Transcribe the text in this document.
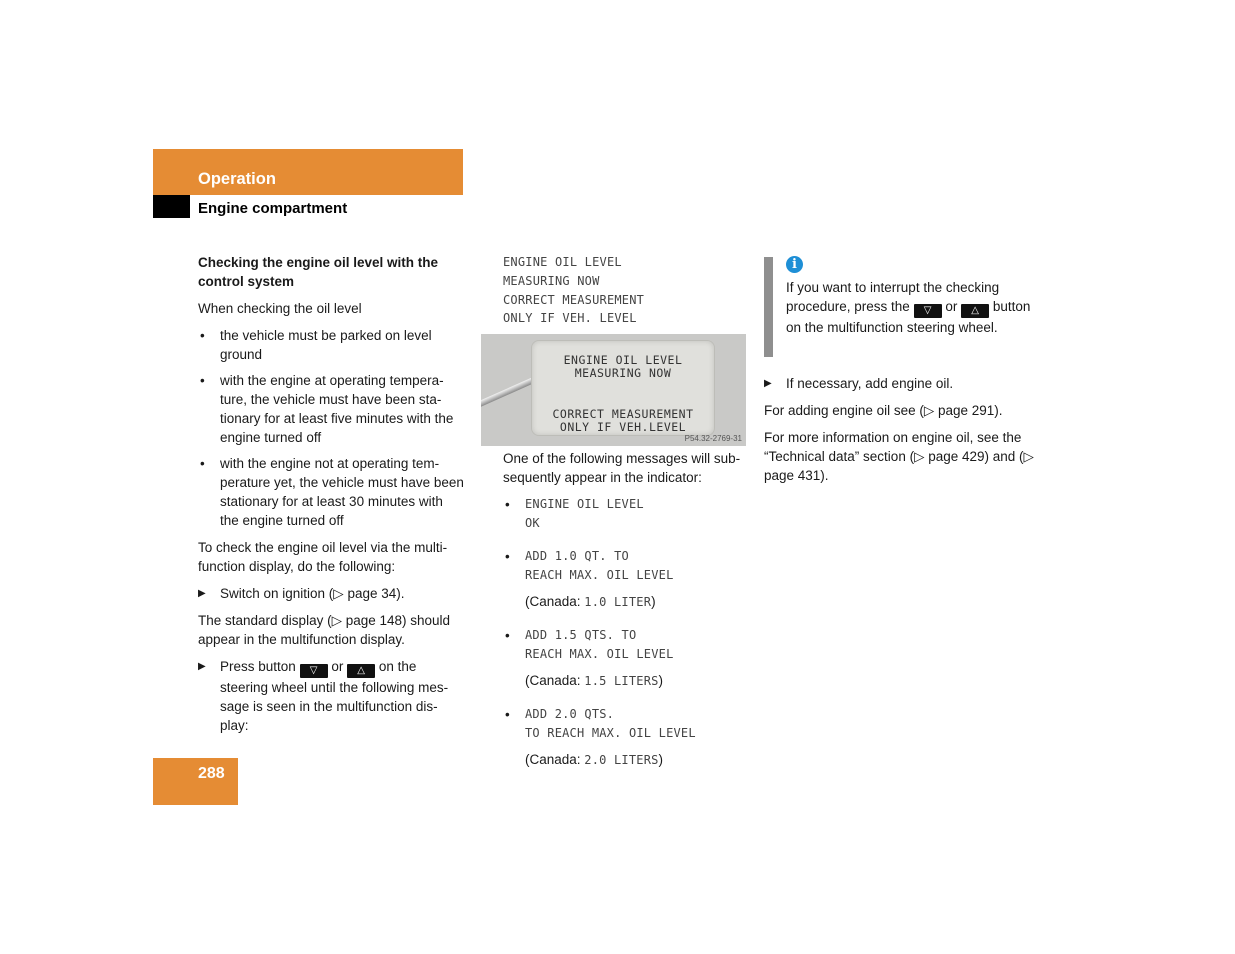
Operation
Engine compartment

Checking the engine oil level with the control system

When checking the oil level

• the vehicle must be parked on level ground
• with the engine at operating tempera-ture, the vehicle must have been sta-tionary for at least five minutes with the engine turned off
• with the engine not at operating tem-perature yet, the vehicle must have been stationary for at least 30 minutes with the engine turned off

To check the engine oil level via the multi-function display, do the following:

▶ Switch on ignition (▷ page 34).

The standard display (▷ page 148) should appear in the multifunction display.

▶ Press button ▽ or △ on the steering wheel until the following mes-sage is seen in the multifunction dis-play:
ENGINE OIL LEVEL
MEASURING NOW
CORRECT MEASUREMENT
ONLY IF VEH. LEVEL
ENGINE OIL LEVEL
MEASURING NOW
CORRECT MEASUREMENT
ONLY IF VEH.LEVEL
P54.32-2769-31

One of the following messages will sub-sequently appear in the indicator:

• ENGINE OIL LEVEL
OK
• ADD 1.0 QT. TO
REACH MAX. OIL LEVEL
(Canada: 1.0 LITER)
• ADD 1.5 QTS. TO
REACH MAX. OIL LEVEL
(Canada: 1.5 LITERS)
• ADD 2.0 QTS.
TO REACH MAX. OIL LEVEL
(Canada: 2.0 LITERS)
i
If you want to interrupt the checking procedure, press the ▽ or △ button on the multifunction steering wheel.
▶ If necessary, add engine oil.

For adding engine oil see (▷ page 291).

For more information on engine oil, see the “Technical data” section (▷ page 429) and (▷ page 431).

288
